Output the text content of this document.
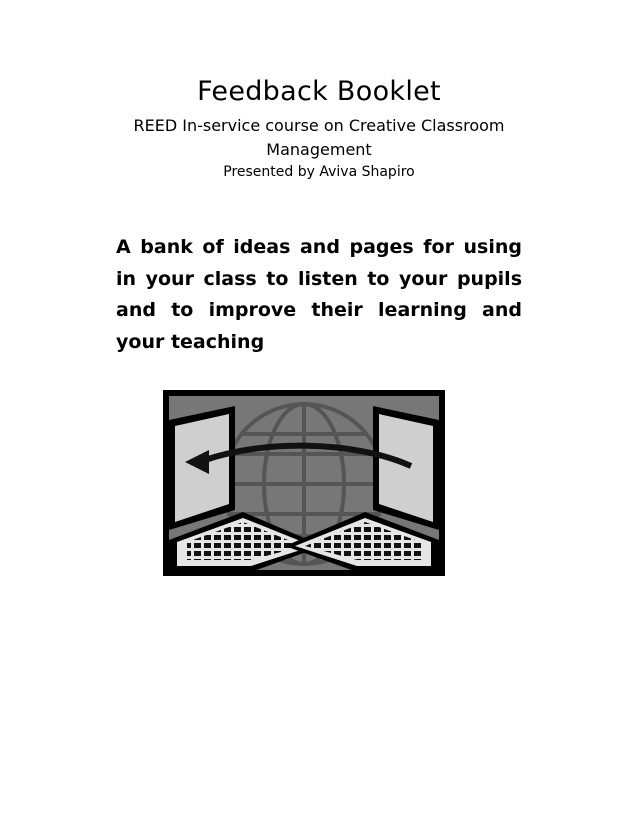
Feedback Booklet
REED In-service course on Creative Classroom Management
Presented by Aviva Shapiro
A bank of ideas and pages for using in your class to listen to your pupils and to improve their learning and your teaching
